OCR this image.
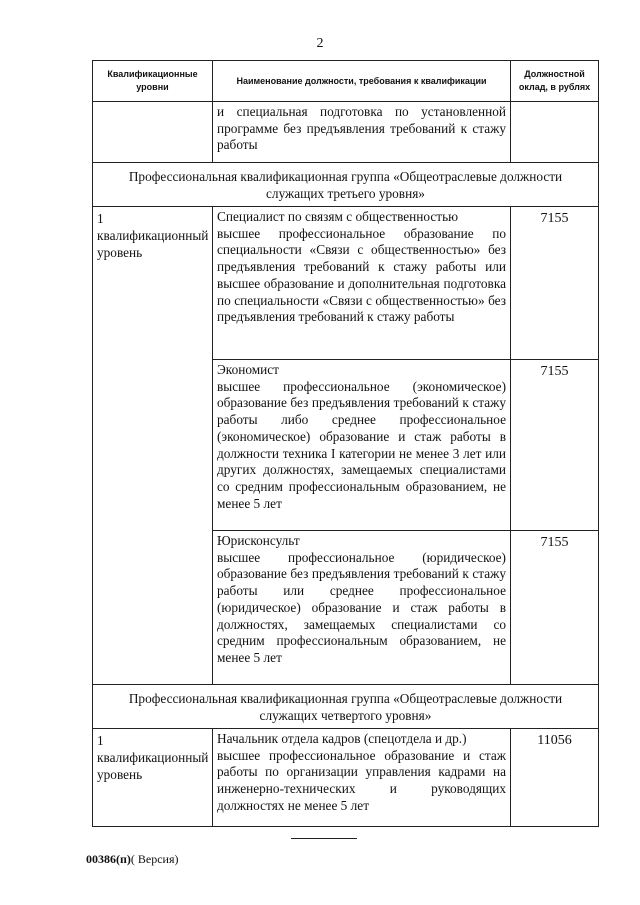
2
Квалификационные уровни	Наименование должности, требования к квалификации	Должностной оклад, в рублях
	и специальная подготовка по установленной программе без предъявления требований к стажу работы	
Профессиональная квалификационная группа «Общеотраслевые должности служащих третьего уровня»		
1 квалификационный уровень	Специалист по связям с общественностью
высшее профессиональное образование по специальности «Связи с общественностью» без предъявления требований к стажу работы или высшее образование и дополнительная подготовка по специальности «Связи с общественностью» без предъявления требований к стажу работы	7155

	Экономист
высшее профессиональное (экономическое) образование без предъявления требований к стажу работы либо среднее профессиональное (экономическое) образование и стаж работы в должности техника I категории не менее 3 лет или других должностях, замещаемых специалистами со средним профессиональным образованием, не менее 5 лет	7155

	Юрисконсульт
высшее профессиональное (юридическое) образование без предъявления требований к стажу работы или среднее профессиональное (юридическое) образование и стаж работы в должностях, замещаемых специалистами со средним профессиональным образованием, не менее 5 лет	7155
Профессиональная квалификационная группа «Общеотраслевые должности служащих четвертого уровня»		
1 квалификационный уровень	Начальник отдела кадров (спецотдела и др.)
высшее профессиональное образование и стаж работы по организации управления кадрами на инженерно-технических и руководящих должностях не менее 5 лет	11056
00386(п)( Версия)
